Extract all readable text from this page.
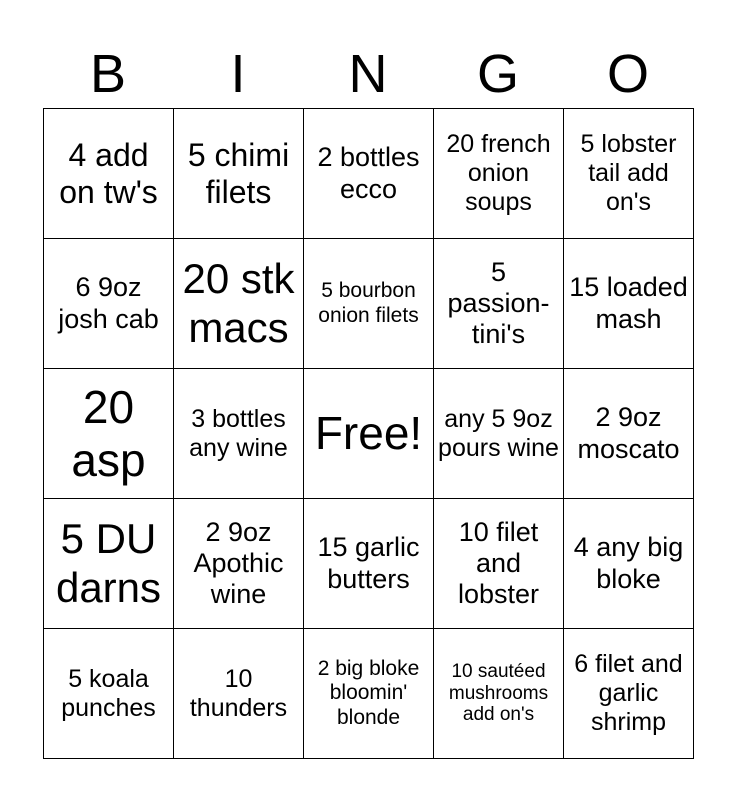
B	I	N	G	O
4 add on tw's	5 chimi filets	2 bottles ecco	20 french onion soups	5 lobster tail add on's
6 9oz josh cab	20 stk macs	5 bourbon onion filets	5 passion-tini's	15 loaded mash
20 asp	3 bottles any wine	Free!	any 5 9oz pours wine	2 9oz moscato
5 DU darns	2 9oz Apothic wine	15 garlic butters	10 filet and lobster	4 any big bloke
5 koala punches	10 thunders	2 big bloke bloomin' blonde	10 sautéed mushrooms add on's	6 filet and garlic shrimp
